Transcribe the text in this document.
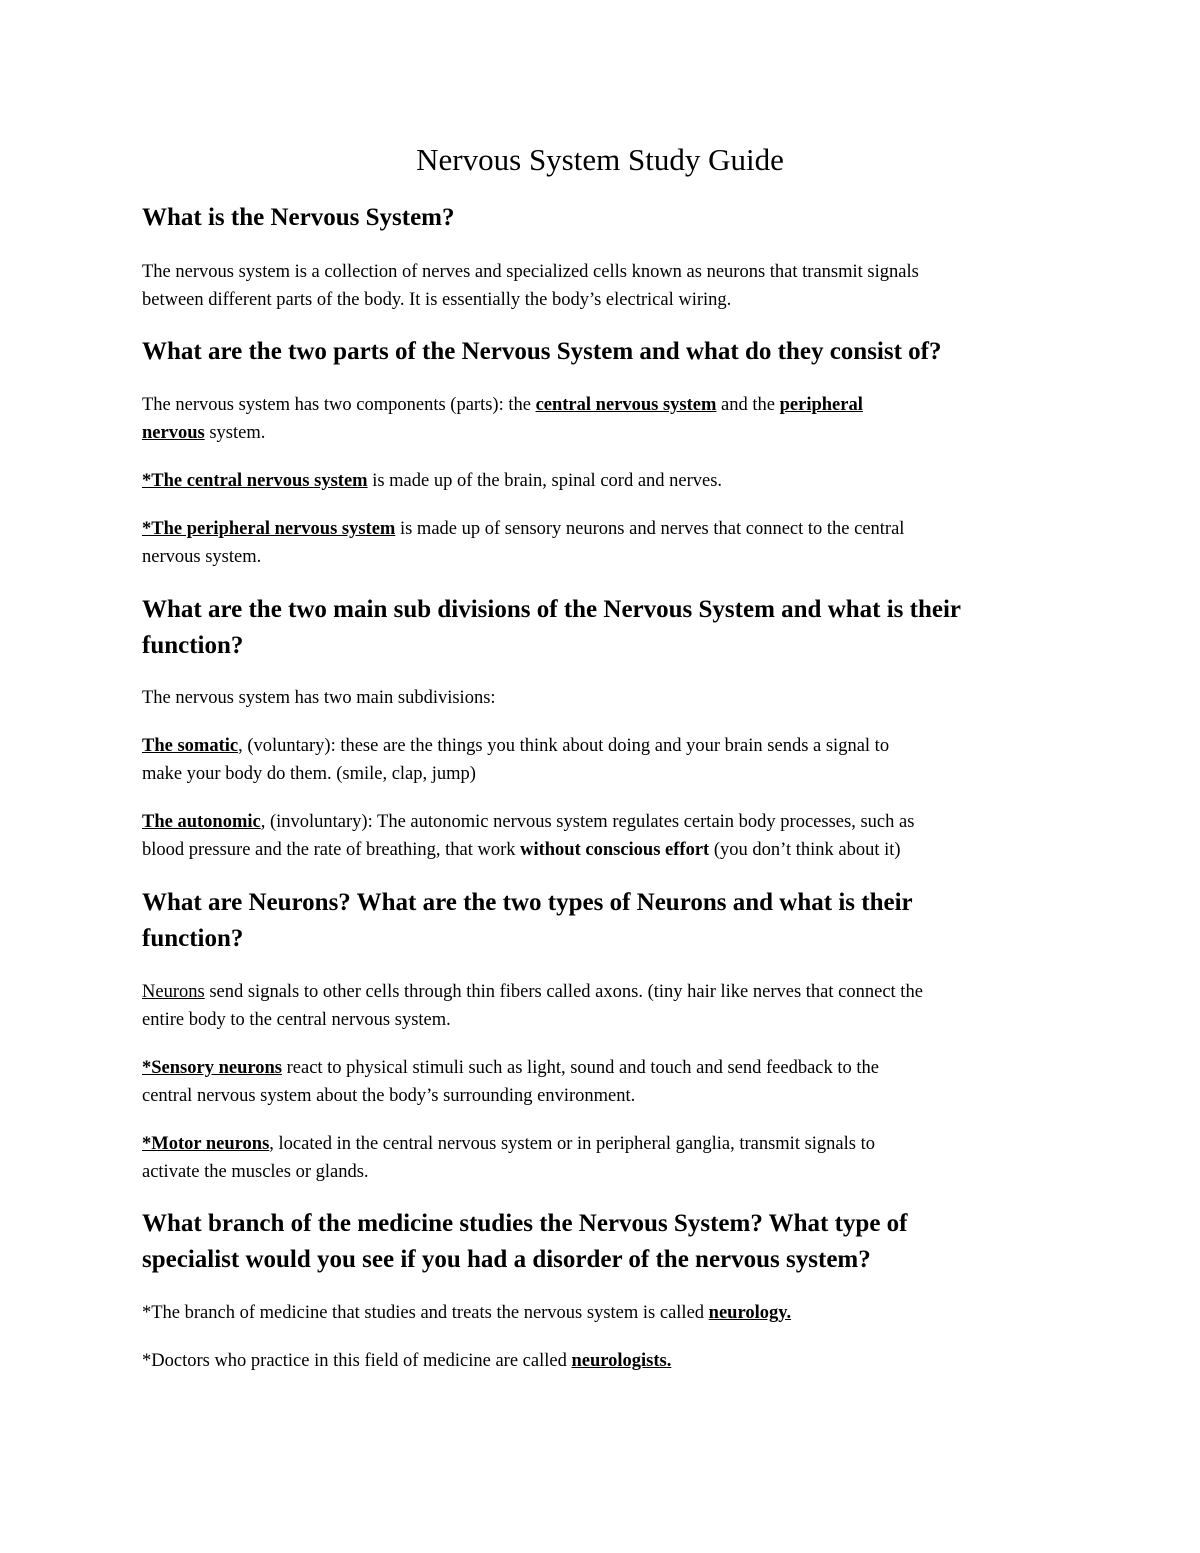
Nervous System Study Guide
What is the Nervous System?

The nervous system is a collection of nerves and specialized cells known as neurons that transmit signals
between different parts of the body. It is essentially the body’s electrical wiring.

What are the two parts of the Nervous System and what do they consist of?

The nervous system has two components (parts): the central nervous system and the peripheral
nervous system.

*The central nervous system is made up of the brain, spinal cord and nerves.

*The peripheral nervous system is made up of sensory neurons and nerves that connect to the central
nervous system.

What are the two main sub divisions of the Nervous System and what is their
function?

The nervous system has two main subdivisions:

The somatic, (voluntary): these are the things you think about doing and your brain sends a signal to
make your body do them. (smile, clap, jump)

The autonomic, (involuntary): The autonomic nervous system regulates certain body processes, such as
blood pressure and the rate of breathing, that work without conscious effort (you don’t think about it)

What are Neurons? What are the two types of Neurons and what is their
function?

Neurons send signals to other cells through thin fibers called axons. (tiny hair like nerves that connect the
entire body to the central nervous system.

*Sensory neurons react to physical stimuli such as light, sound and touch and send feedback to the
central nervous system about the body’s surrounding environment.

*Motor neurons, located in the central nervous system or in peripheral ganglia, transmit signals to
activate the muscles or glands.

What branch of the medicine studies the Nervous System? What type of
specialist would you see if you had a disorder of the nervous system?

*The branch of medicine that studies and treats the nervous system is called neurology.

*Doctors who practice in this field of medicine are called neurologists.
